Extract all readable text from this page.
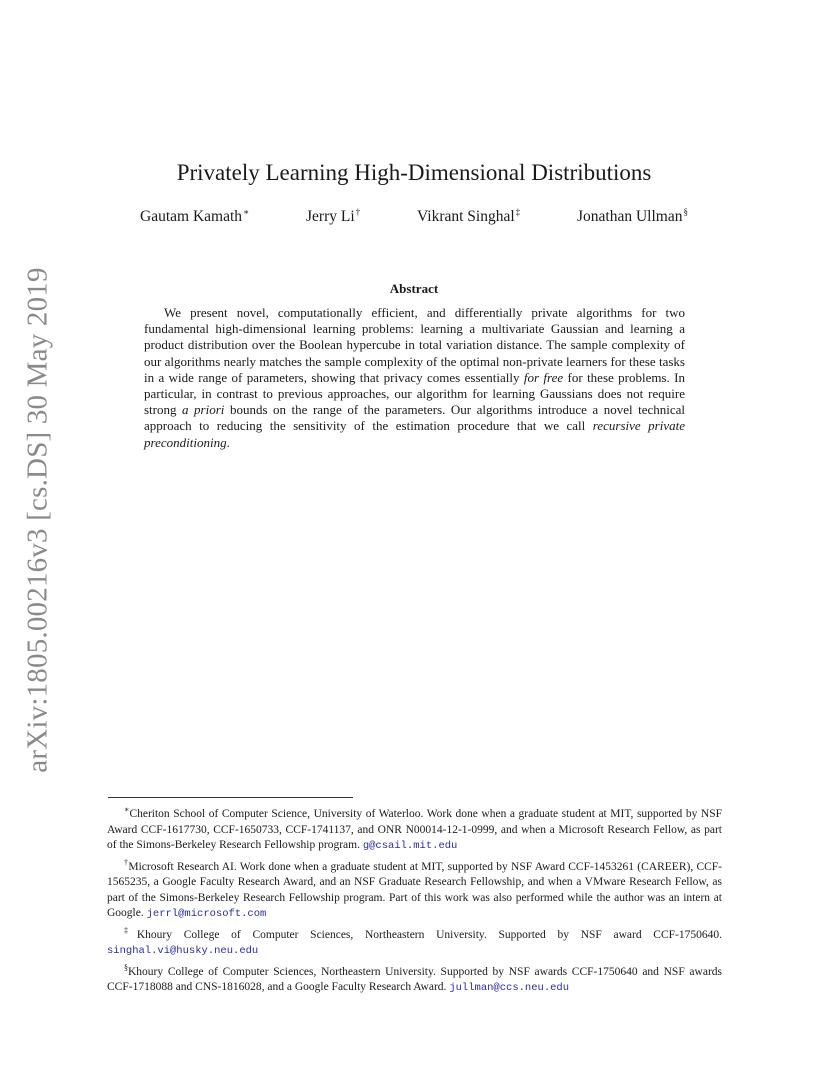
arXiv:1805.00216v3 [cs.DS] 30 May 2019
Privately Learning High-Dimensional Distributions
Gautam Kamath∗	Jerry Li†	Vikrant Singhal‡	Jonathan Ullman§
Abstract

We present novel, computationally efficient, and differentially private algorithms for two fundamental high-dimensional learning problems: learning a multivariate Gaussian and learning a product distribution over the Boolean hypercube in total variation distance. The sample complexity of our algorithms nearly matches the sample complexity of the optimal non-private learners for these tasks in a wide range of parameters, showing that privacy comes essentially for free for these problems. In particular, in contrast to previous approaches, our algorithm for learning Gaussians does not require strong a priori bounds on the range of the parameters. Our algorithms introduce a novel technical approach to reducing the sensitivity of the estimation procedure that we call recursive private preconditioning.

∗Cheriton School of Computer Science, University of Waterloo. Work done when a graduate student at MIT, supported by NSF Award CCF-1617730, CCF-1650733, CCF-1741137, and ONR N00014-12-1-0999, and when a Microsoft Research Fellow, as part of the Simons-Berkeley Research Fellowship program. g@csail.mit.edu

†Microsoft Research AI. Work done when a graduate student at MIT, supported by NSF Award CCF-1453261 (CAREER), CCF-1565235, a Google Faculty Research Award, and an NSF Graduate Research Fellowship, and when a VMware Research Fellow, as part of the Simons-Berkeley Research Fellowship program. Part of this work was also performed while the author was an intern at Google. jerrl@microsoft.com

‡Khoury College of Computer Sciences, Northeastern University. Supported by NSF award CCF-1750640. singhal.vi@husky.neu.edu

§Khoury College of Computer Sciences, Northeastern University. Supported by NSF awards CCF-1750640 and NSF awards CCF-1718088 and CNS-1816028, and a Google Faculty Research Award. jullman@ccs.neu.edu
